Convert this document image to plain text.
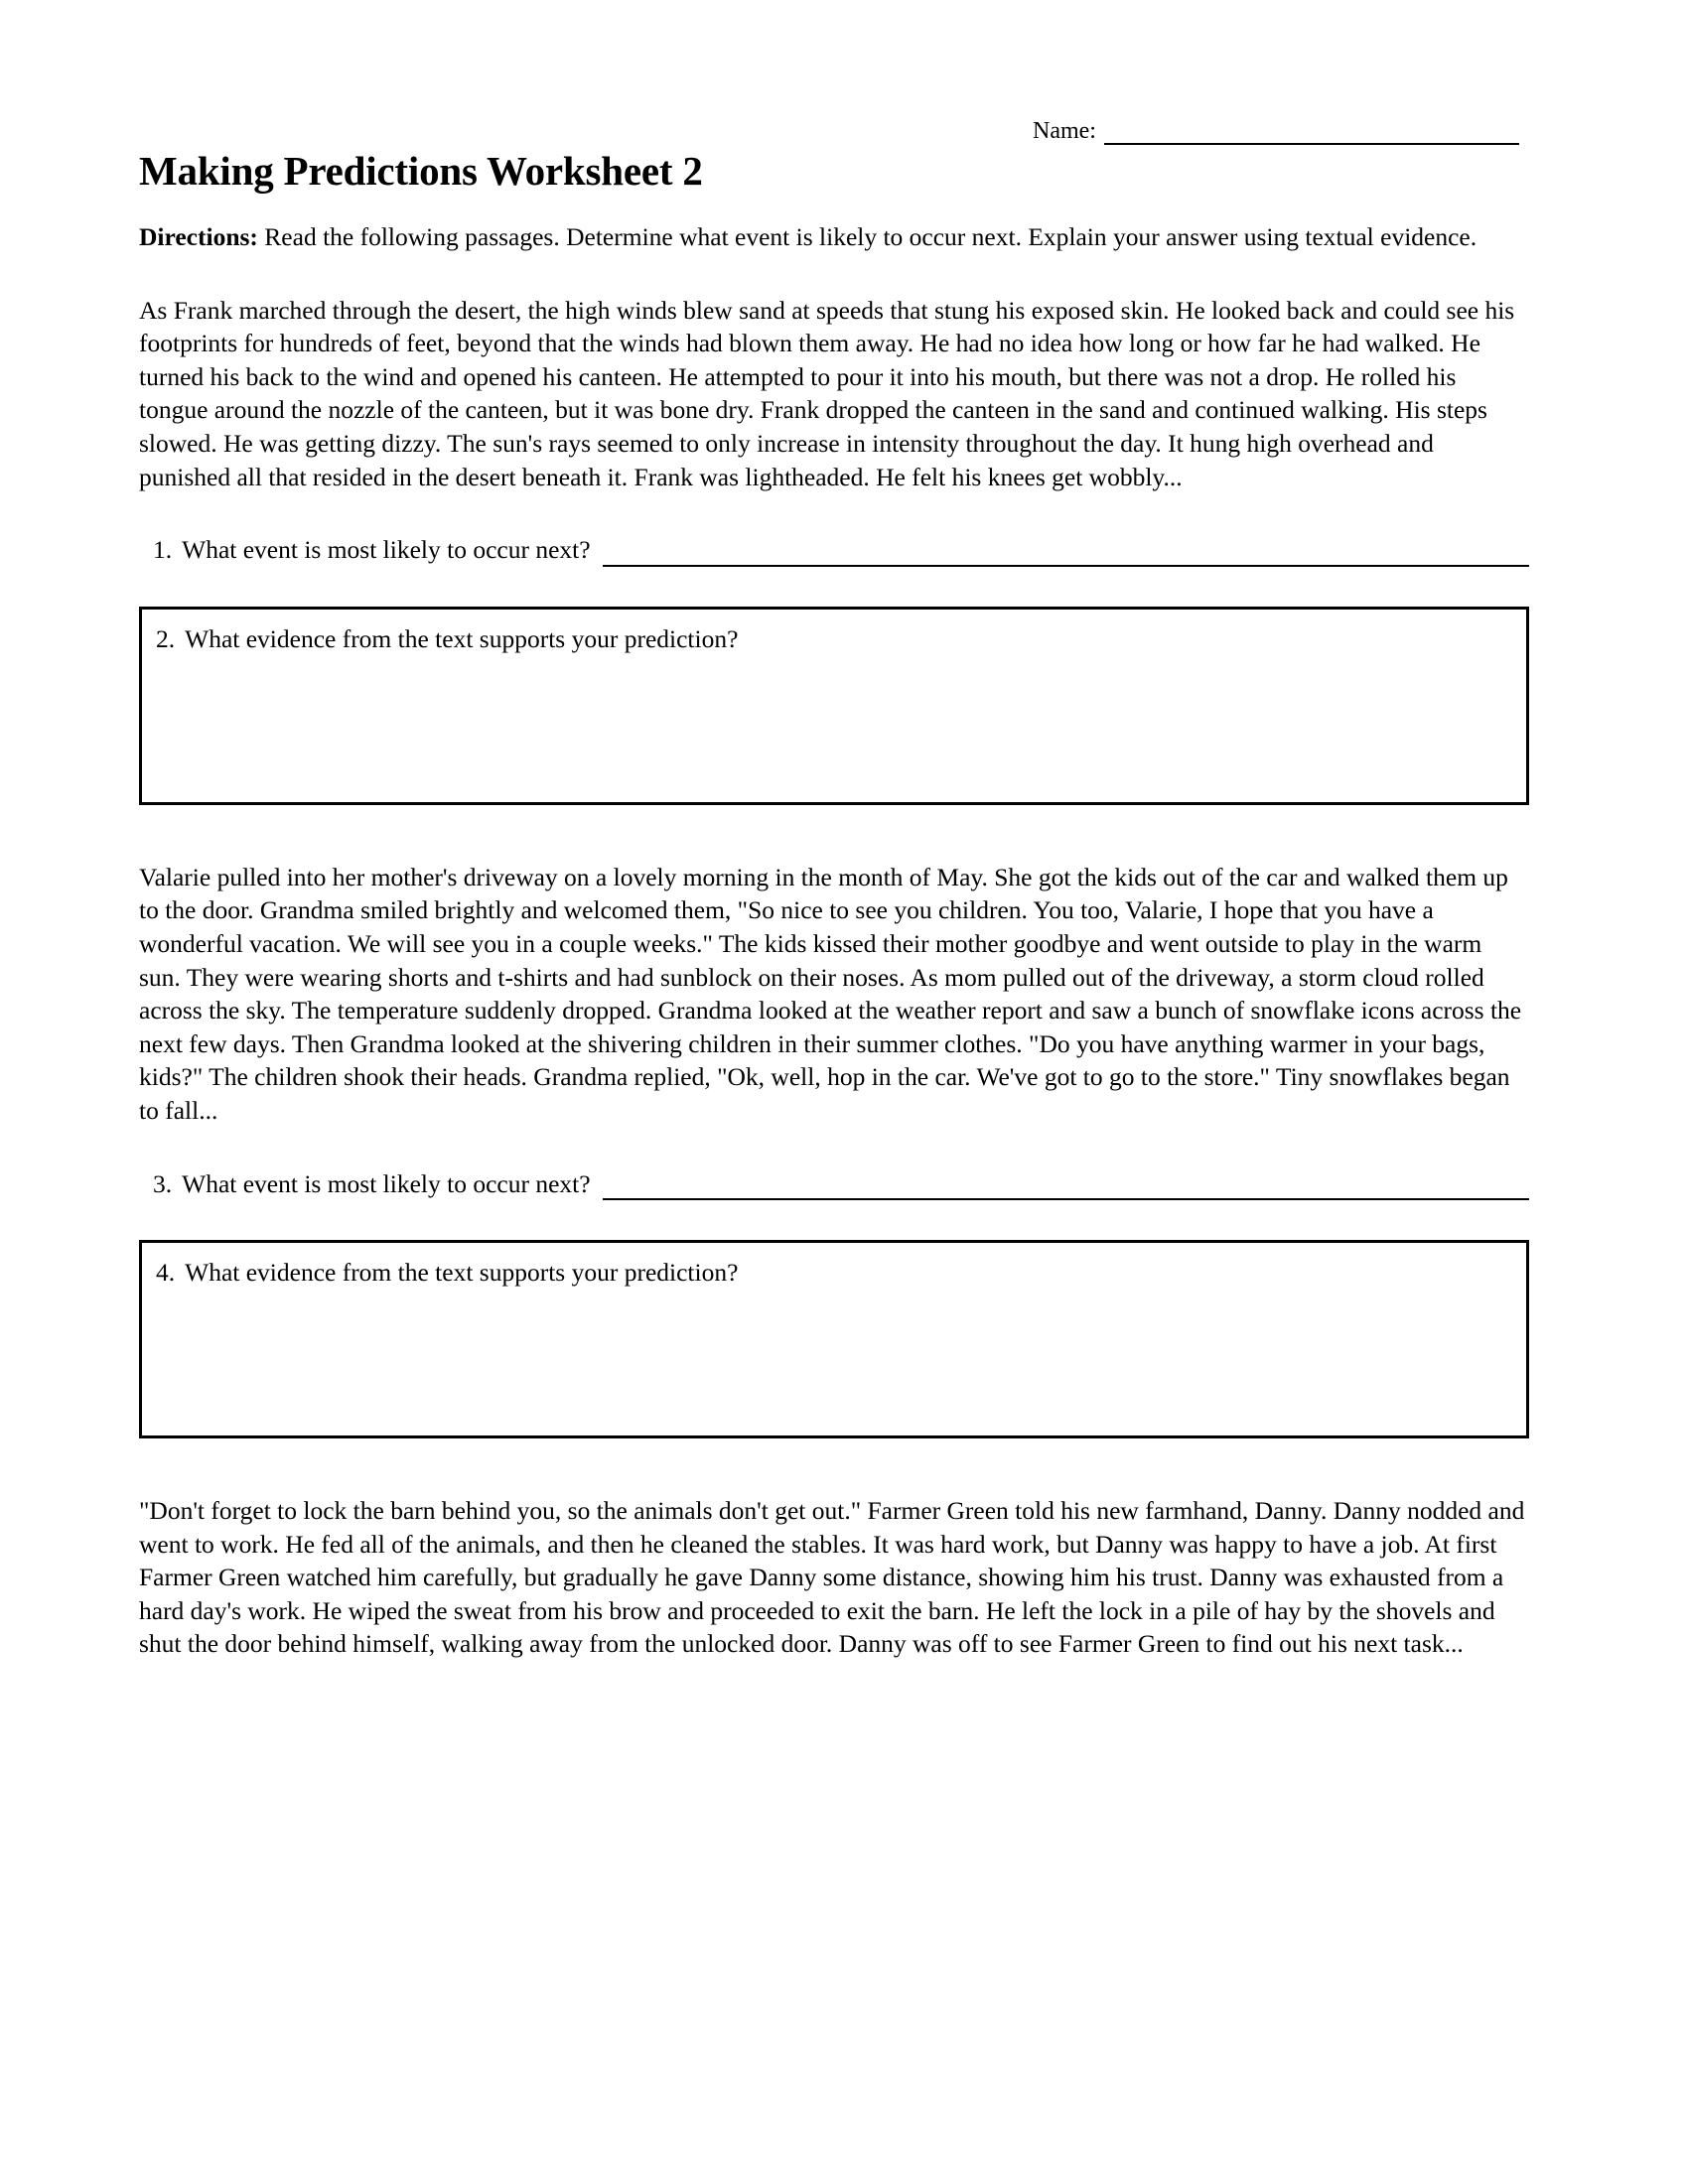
Name:
Making Predictions Worksheet 2

Directions: Read the following passages. Determine what event is likely to occur next. Explain your answer using textual evidence.

As Frank marched through the desert, the high winds blew sand at speeds that stung his exposed skin. He looked back and could see his footprints for hundreds of feet, beyond that the winds had blown them away. He had no idea how long or how far he had walked. He turned his back to the wind and opened his canteen. He attempted to pour it into his mouth, but there was not a drop. He rolled his tongue around the nozzle of the canteen, but it was bone dry. Frank dropped the canteen in the sand and continued walking. His steps slowed. He was getting dizzy. The sun's rays seemed to only increase in intensity throughout the day. It hung high overhead and punished all that resided in the desert beneath it. Frank was lightheaded. He felt his knees get wobbly...

1. What event is most likely to occur next?
2. What evidence from the text supports your prediction?

Valarie pulled into her mother's driveway on a lovely morning in the month of May. She got the kids out of the car and walked them up to the door. Grandma smiled brightly and welcomed them, "So nice to see you children. You too, Valarie, I hope that you have a wonderful vacation. We will see you in a couple weeks." The kids kissed their mother goodbye and went outside to play in the warm sun. They were wearing shorts and t-shirts and had sunblock on their noses. As mom pulled out of the driveway, a storm cloud rolled across the sky. The temperature suddenly dropped. Grandma looked at the weather report and saw a bunch of snowflake icons across the next few days. Then Grandma looked at the shivering children in their summer clothes. "Do you have anything warmer in your bags, kids?" The children shook their heads. Grandma replied, "Ok, well, hop in the car. We've got to go to the store." Tiny snowflakes began to fall...

3. What event is most likely to occur next?
4. What evidence from the text supports your prediction?

"Don't forget to lock the barn behind you, so the animals don't get out." Farmer Green told his new farmhand, Danny. Danny nodded and went to work. He fed all of the animals, and then he cleaned the stables. It was hard work, but Danny was happy to have a job. At first Farmer Green watched him carefully, but gradually he gave Danny some distance, showing him his trust. Danny was exhausted from a hard day's work. He wiped the sweat from his brow and proceeded to exit the barn. He left the lock in a pile of hay by the shovels and shut the door behind himself, walking away from the unlocked door. Danny was off to see Farmer Green to find out his next task...
